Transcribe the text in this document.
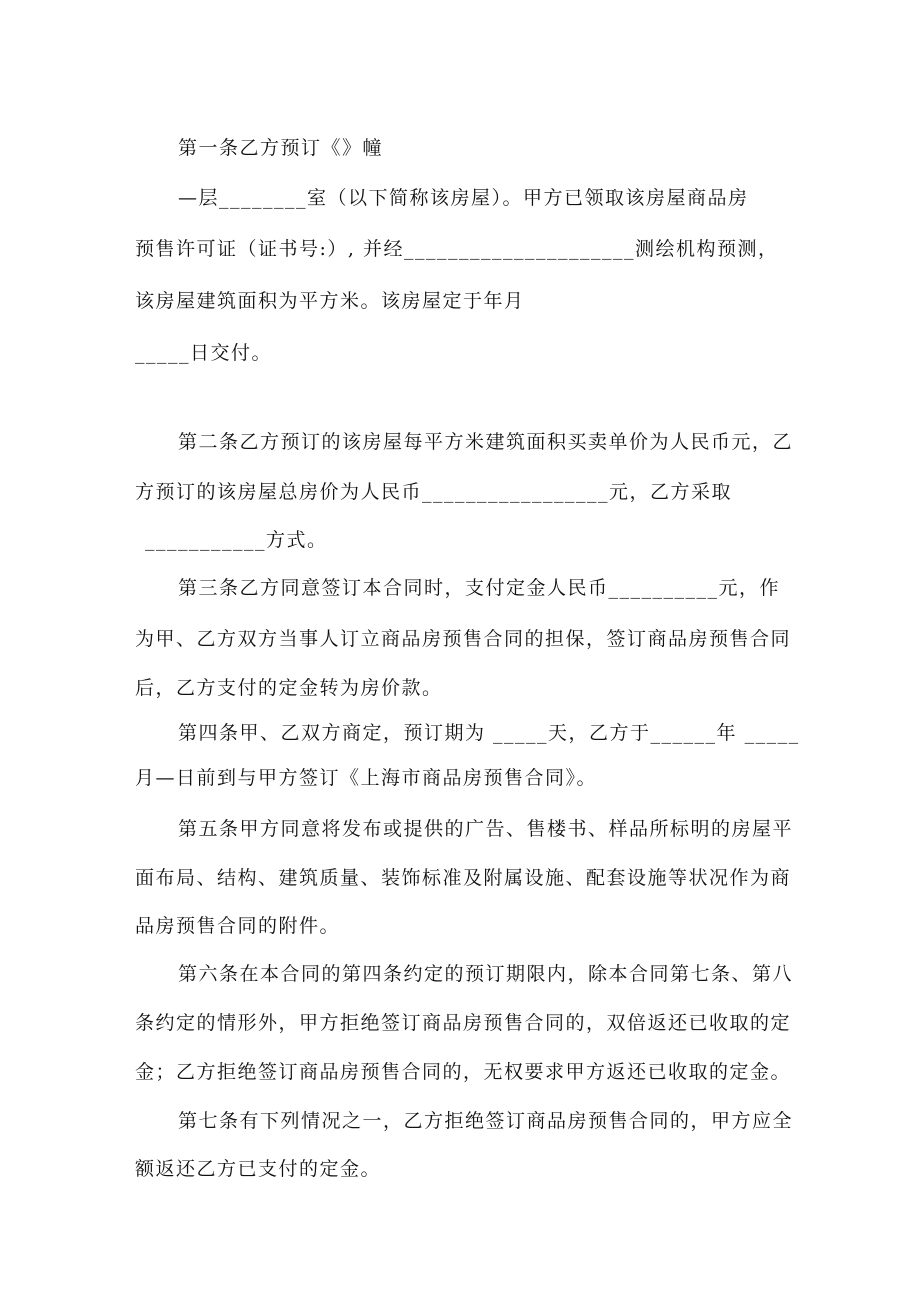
第一条乙方预订《》幢
—层________室（以下简称该房屋）。甲方已领取该房屋商品房
预售许可证（证书号:）, 并经_____________________测绘机构预测，
该房屋建筑面积为平方米。该房屋定于年月
_____日交付。
第二条乙方预订的该房屋每平方米建筑面积买卖单价为人民币元，乙
方预订的该房屋总房价为人民币_________________元，乙方采取
___________方式。
第三条乙方同意签订本合同时，支付定金人民币__________元，作
为甲、乙方双方当事人订立商品房预售合同的担保，签订商品房预售合同
后，乙方支付的定金转为房价款。
第四条甲、乙双方商定，预订期为 _____天，乙方于______年 _____
月—日前到与甲方签订《上海市商品房预售合同》。
第五条甲方同意将发布或提供的广告、售楼书、样品所标明的房屋平
面布局、结构、建筑质量、装饰标准及附属设施、配套设施等状况作为商
品房预售合同的附件。
第六条在本合同的第四条约定的预订期限内，除本合同第七条、第八
条约定的情形外，甲方拒绝签订商品房预售合同的，双倍返还已收取的定
金；乙方拒绝签订商品房预售合同的，无权要求甲方返还已收取的定金。
第七条有下列情况之一，乙方拒绝签订商品房预售合同的，甲方应全
额返还乙方已支付的定金。
